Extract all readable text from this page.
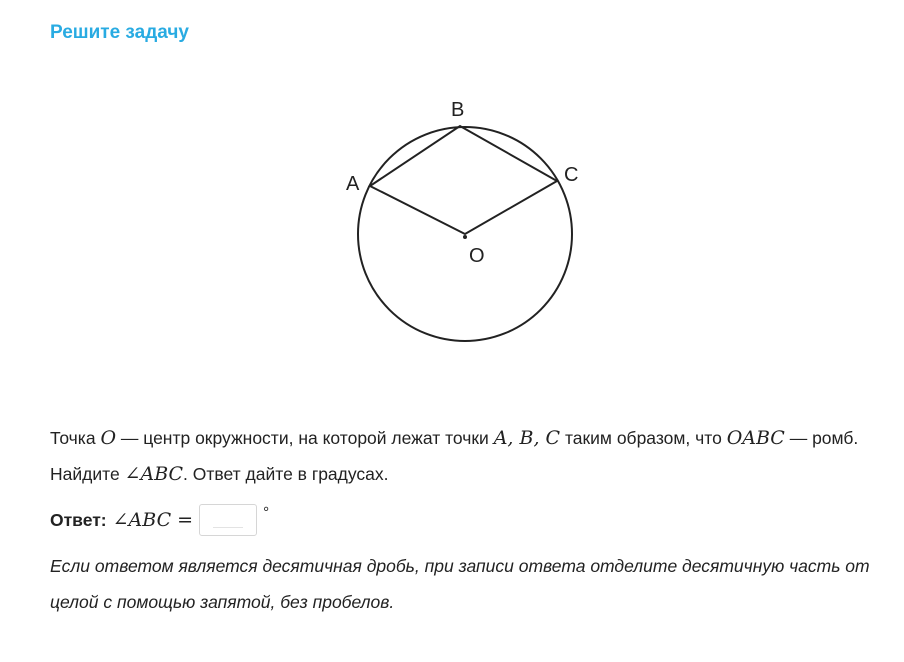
Решите задачу
A
B
C
O

Точка O — центр окружности, на которой лежат точки A, B, C таким образом, что OABC — ромб. Найдите ∠ABC. Ответ дайте в градусах.

Ответ: ∠ABC =	°

Если ответом является десятичная дробь, при записи ответа отделите десятичную часть от целой с помощью запятой, без пробелов.
